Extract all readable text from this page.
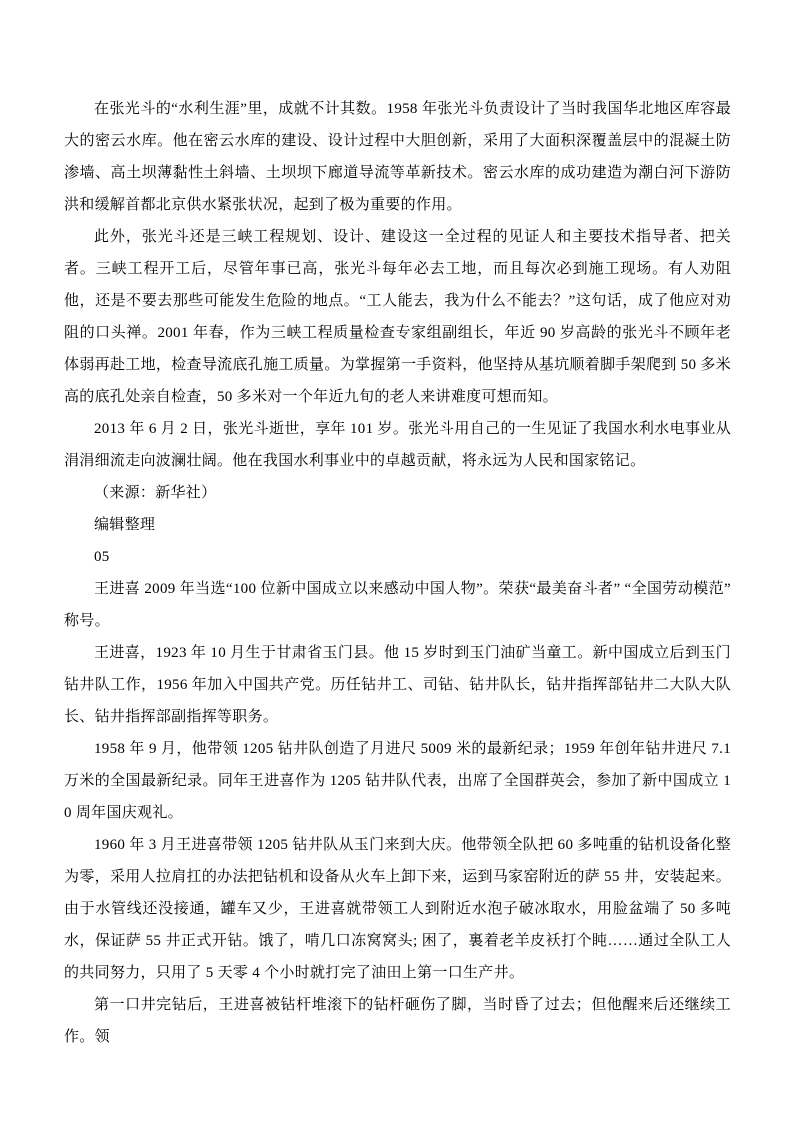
在张光斗的“水利生涯”里，成就不计其数。1958 年张光斗负责设计了当时我国华北地区库容最大的密云水库。他在密云水库的建设、设计过程中大胆创新，采用了大面积深覆盖层中的混凝土防渗墙、高土坝薄黏性土斜墙、土坝坝下廊道导流等革新技术。密云水库的成功建造为潮白河下游防洪和缓解首都北京供水紧张状况，起到了极为重要的作用。

此外，张光斗还是三峡工程规划、设计、建设这一全过程的见证人和主要技术指导者、把关者。三峡工程开工后，尽管年事已高，张光斗每年必去工地，而且每次必到施工现场。有人劝阻他，还是不要去那些可能发生危险的地点。“工人能去，我为什么不能去？”这句话，成了他应对劝阻的口头禅。2001 年春，作为三峡工程质量检查专家组副组长，年近 90 岁高龄的张光斗不顾年老体弱再赴工地，检查导流底孔施工质量。为掌握第一手资料，他坚持从基坑顺着脚手架爬到 50 多米高的底孔处亲自检查，50 多米对一个年近九旬的老人来讲难度可想而知。

2013 年 6 月 2 日，张光斗逝世，享年 101 岁。张光斗用自己的一生见证了我国水利水电事业从涓涓细流走向波澜壮阔。他在我国水利事业中的卓越贡献，将永远为人民和国家铭记。

（来源：新华社）

编辑整理

05

王进喜 2009 年当选“100 位新中国成立以来感动中国人物”。荣获“最美奋斗者” “全国劳动模范”称号。

王进喜，1923 年 10 月生于甘肃省玉门县。他 15 岁时到玉门油矿当童工。新中国成立后到玉门钻井队工作，1956 年加入中国共产党。历任钻井工、司钻、钻井队长，钻井指挥部钻井二大队大队长、钻井指挥部副指挥等职务。

1958 年 9 月，他带领 1205 钻井队创造了月进尺 5009 米的最新纪录；1959 年创年钻井进尺 7.1 万米的全国最新纪录。同年王进喜作为 1205 钻井队代表，出席了全国群英会，参加了新中国成立 10 周年国庆观礼。

1960 年 3 月王进喜带领 1205 钻井队从玉门来到大庆。他带领全队把 60 多吨重的钻机设备化整为零，采用人拉肩扛的办法把钻机和设备从火车上卸下来，运到马家窑附近的萨 55 井，安装起来。由于水管线还没接通，罐车又少，王进喜就带领工人到附近水泡子破冰取水，用脸盆端了 50 多吨水，保证萨 55 井正式开钻。饿了，啃几口冻窝窝头; 困了，裏着老羊皮袄打个盹……通过全队工人的共同努力，只用了 5 天零 4 个小时就打完了油田上第一口生产井。

第一口井完钻后，王进喜被钻杆堆滚下的钻杆砸伤了脚，当时昏了过去；但他醒来后还继续工作。领
